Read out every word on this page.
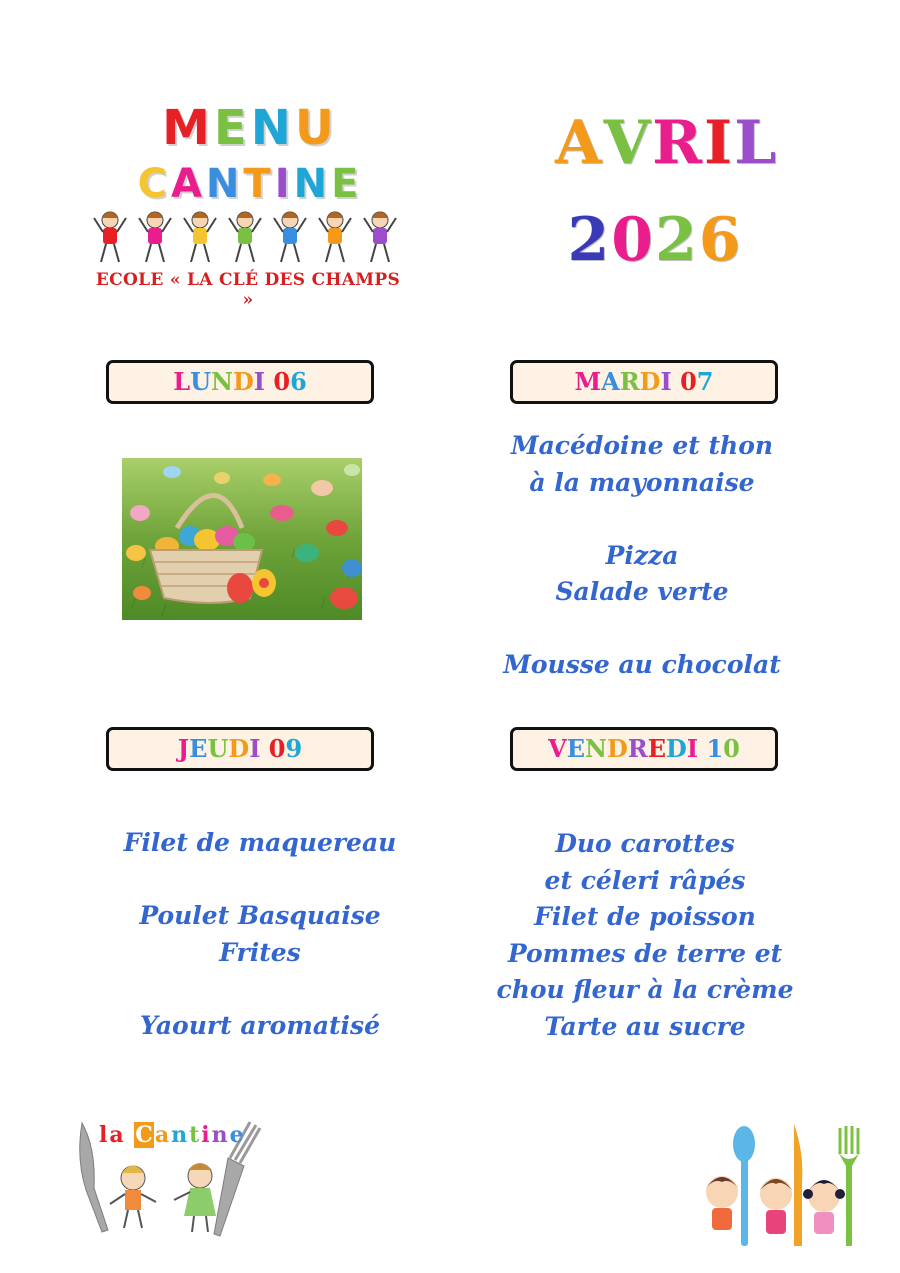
MENU
C A N T I N E
ECOLE « LA CLÉ DES CHAMPS »
AVRIL
2026
LUNDI 06	MARDI 07
JEUDI 09	VENDREDI 10
Macédoine et thon
à la mayonnaise
Pizza
Salade verte
Mousse au chocolat
Filet de maquereau
Poulet Basquaise
Frites
Yaourt aromatisé
Duo carottes
et céleri râpés
Filet de poisson
Pommes de terre et
chou fleur à la crème
Tarte au sucre
la Cantine
